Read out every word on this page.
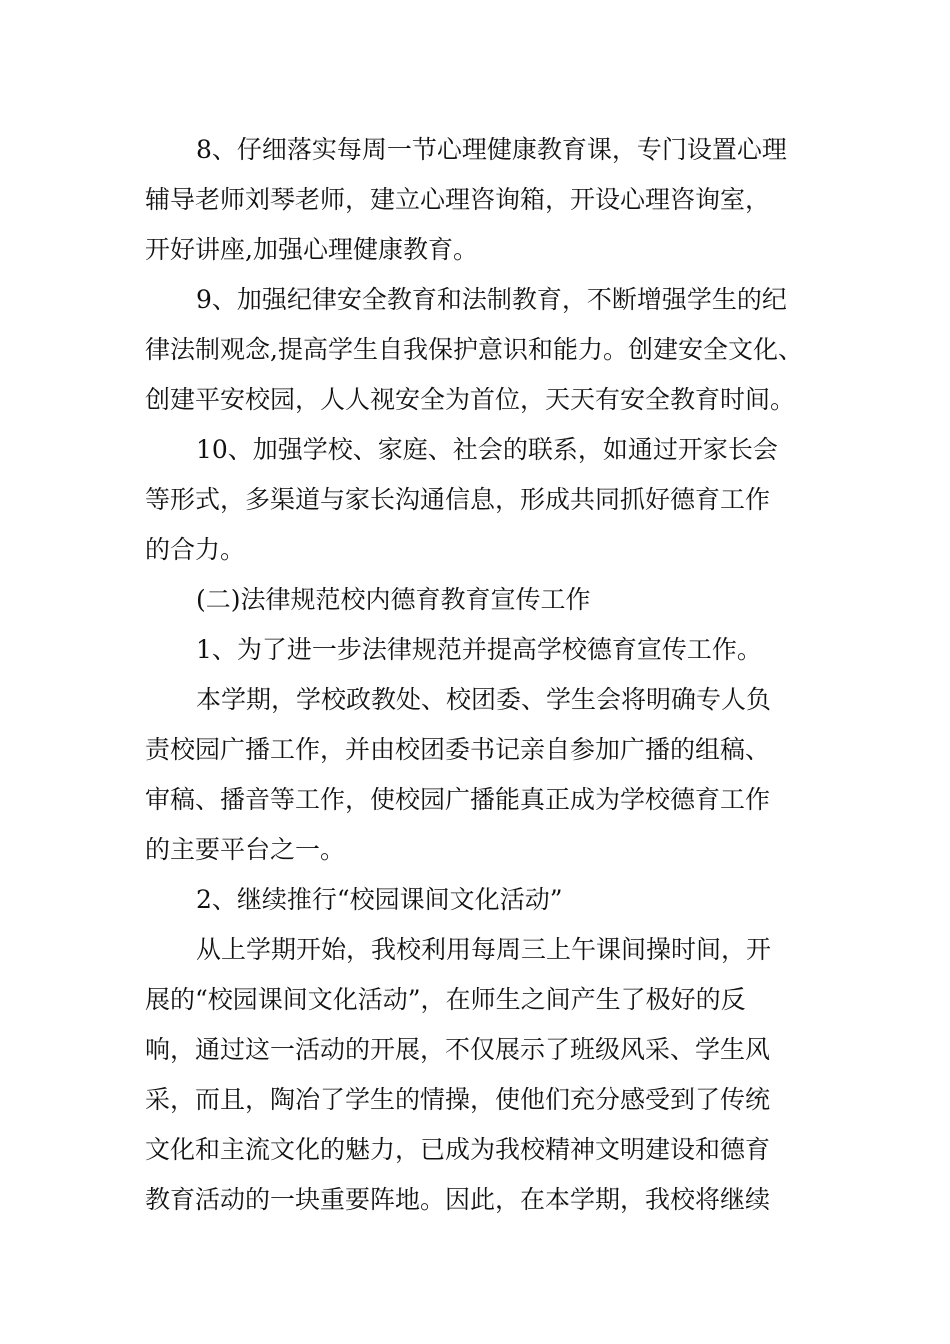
8、仔细落实每周一节心理健康教育课，专门设置心理
辅导老师刘琴老师，建立心理咨询箱，开设心理咨询室，
开好讲座,加强心理健康教育。
9、加强纪律安全教育和法制教育，不断增强学生的纪
律法制观念,提高学生自我保护意识和能力。创建安全文化、
创建平安校园，人人视安全为首位，天天有安全教育时间。
10、加强学校、家庭、社会的联系，如通过开家长会
等形式，多渠道与家长沟通信息，形成共同抓好德育工作
的合力。
(二)法律规范校内德育教育宣传工作
1、为了进一步法律规范并提高学校德育宣传工作。
本学期，学校政教处、校团委、学生会将明确专人负
责校园广播工作，并由校团委书记亲自参加广播的组稿、
审稿、播音等工作，使校园广播能真正成为学校德育工作
的主要平台之一。
2、继续推行“校园课间文化活动”
从上学期开始，我校利用每周三上午课间操时间，开
展的“校园课间文化活动”，在师生之间产生了极好的反
响，通过这一活动的开展，不仅展示了班级风采、学生风
采，而且，陶冶了学生的情操，使他们充分感受到了传统
文化和主流文化的魅力，已成为我校精神文明建设和德育
教育活动的一块重要阵地。因此，在本学期，我校将继续
